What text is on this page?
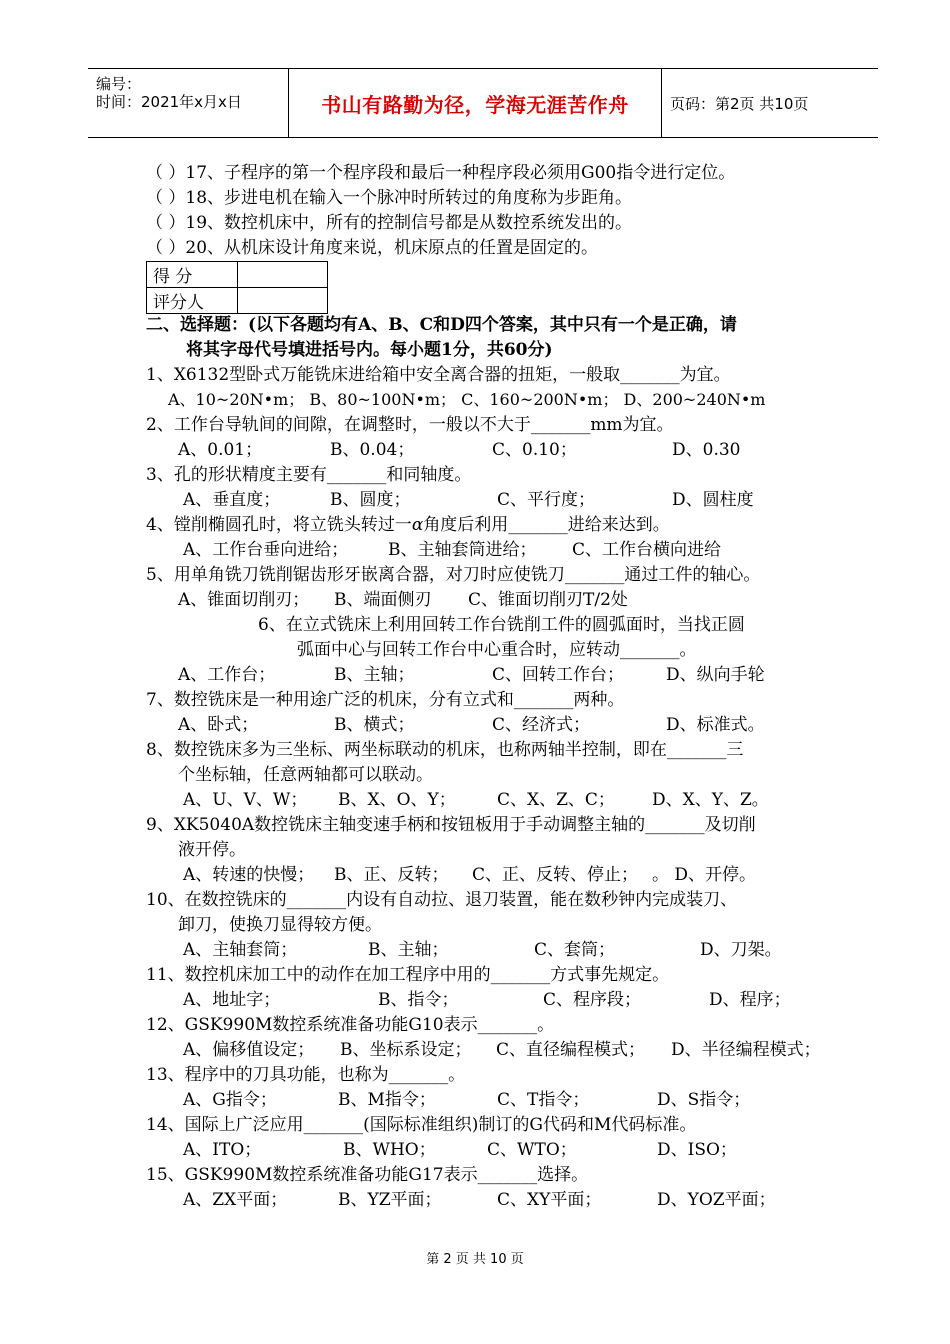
编号：
时间：2021年x月x日	书山有路勤为径，学海无涯苦作舟	页码：第2页 共10页
（ ）17、子程序的第一个程序段和最后一种程序段必须用G00指令进行定位。
（ ）18、步进电机在输入一个脉冲时所转过的角度称为步距角。
（ ）19、数控机床中，所有的控制信号都是从数控系统发出的。
（ ）20、从机床设计角度来说，机床原点的任置是固定的。
得 分	
评分人	
二、选择题：(以下各题均有A、B、C和D四个答案，其中只有一个是正确，请
将其字母代号填进括号内。每小题1分，共60分)
1、X6132型卧式万能铣床进给箱中安全离合器的扭矩，一般取_______为宜。
A、10~20N•m； B、80~100N•m； C、160~200N•m； D、200~240N•m
2、工作台导轨间的间隙，在调整时，一般以不大于_______mm为宜。
A、0.01；	B、0.04；	C、0.10；	D、0.30
3、孔的形状精度主要有_______和同轴度。
A、垂直度；	B、圆度；	C、平行度；	D、圆柱度
4、镗削椭圆孔时，将立铣头转过一α角度后利用_______进给来达到。
A、工作台垂向进给； B、主轴套筒进给； C、工作台横向进给
5、用单角铣刀铣削锯齿形牙嵌离合器，对刀时应使铣刀_______通过工件的轴心。
A、锥面切削刃； B、端面侧刃 C、锥面切削刃T/2处
6、在立式铣床上利用回转工作台铣削工件的圆弧面时，当找正圆
弧面中心与回转工作台中心重合时，应转动_______。
A、工作台；	B、主轴；	C、回转工作台； D、纵向手轮
7、数控铣床是一种用途广泛的机床，分有立式和_______两种。
A、卧式；	B、横式；	C、经济式；	D、标准式。
8、数控铣床多为三坐标、两坐标联动的机床，也称两轴半控制，即在_______三
个坐标轴，任意两轴都可以联动。
A、U、V、W； B、X、O、Y； C、X、Z、C； D、X、Y、Z。
9、XK5040A数控铣床主轴变速手柄和按钮板用于手动调整主轴的_______及切削
液开停。
A、转速的快慢； B、正、反转； C、正、反转、停止； 。 D、开停。
10、在数控铣床的_______内设有自动拉、退刀装置，能在数秒钟内完成装刀、
卸刀，使换刀显得较方便。
A、主轴套筒；	B、主轴；	C、套筒；	D、刀架。
11、数控机床加工中的动作在加工程序中用的_______方式事先规定。
A、地址字；	B、指令；	C、程序段；	D、程序；
12、GSK990M数控系统准备功能G10表示_______。
A、偏移值设定； B、坐标系设定； C、直径编程模式； D、半径编程模式；
13、程序中的刀具功能，也称为_______。
A、G指令；	B、M指令；	C、T指令；	D、S指令；
14、国际上广泛应用_______(国际标准组织)制订的G代码和M代码标准。
A、ITO；	B、WHO；	C、WTO；	D、ISO；
15、GSK990M数控系统准备功能G17表示_______选择。
A、ZX平面；	B、YZ平面；	C、XY平面；	D、YOZ平面；
第 2 页 共 10 页
